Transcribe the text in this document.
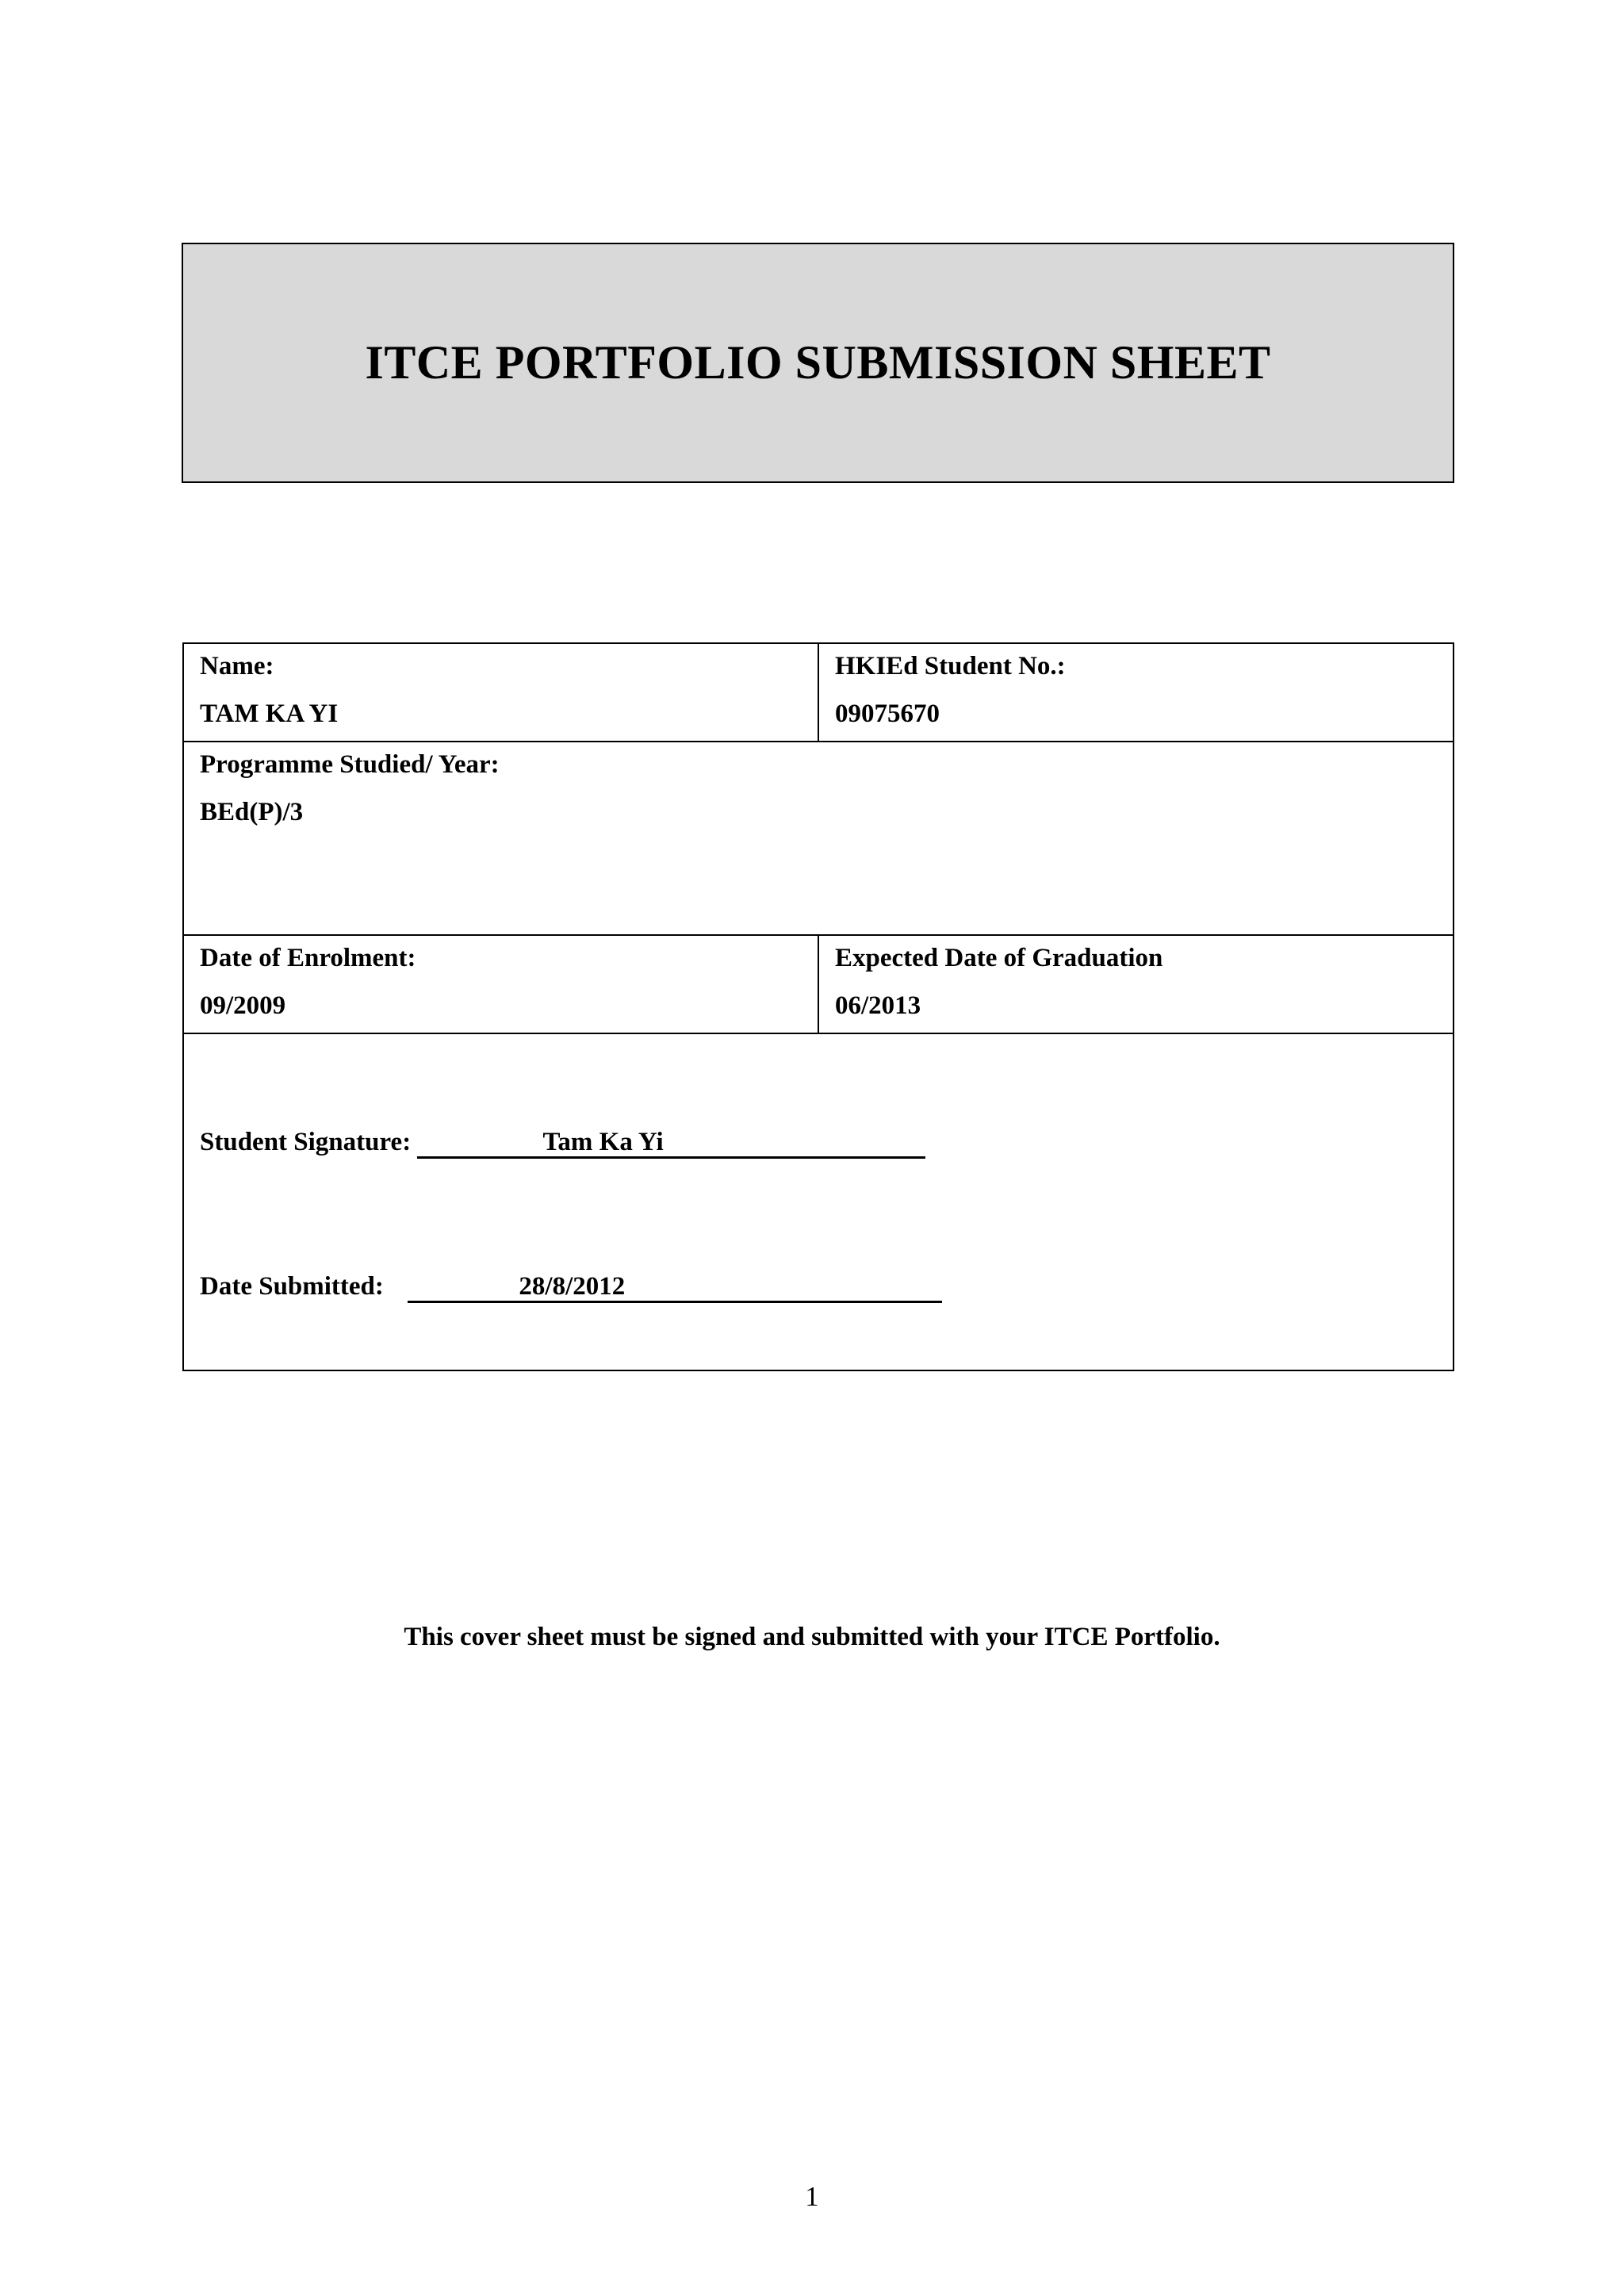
ITCE PORTFOLIO SUBMISSION SHEET
Name:
TAM KA YI
HKIEd Student No.:
09075670
Programme Studied/ Year:
BEd(P)/3
Date of Enrolment:
09/2009
Expected Date of Graduation
06/2013
Student Signature:	Tam Ka Yi
Date Submitted:	28/8/2012
This cover sheet must be signed and submitted with your ITCE Portfolio.
1
